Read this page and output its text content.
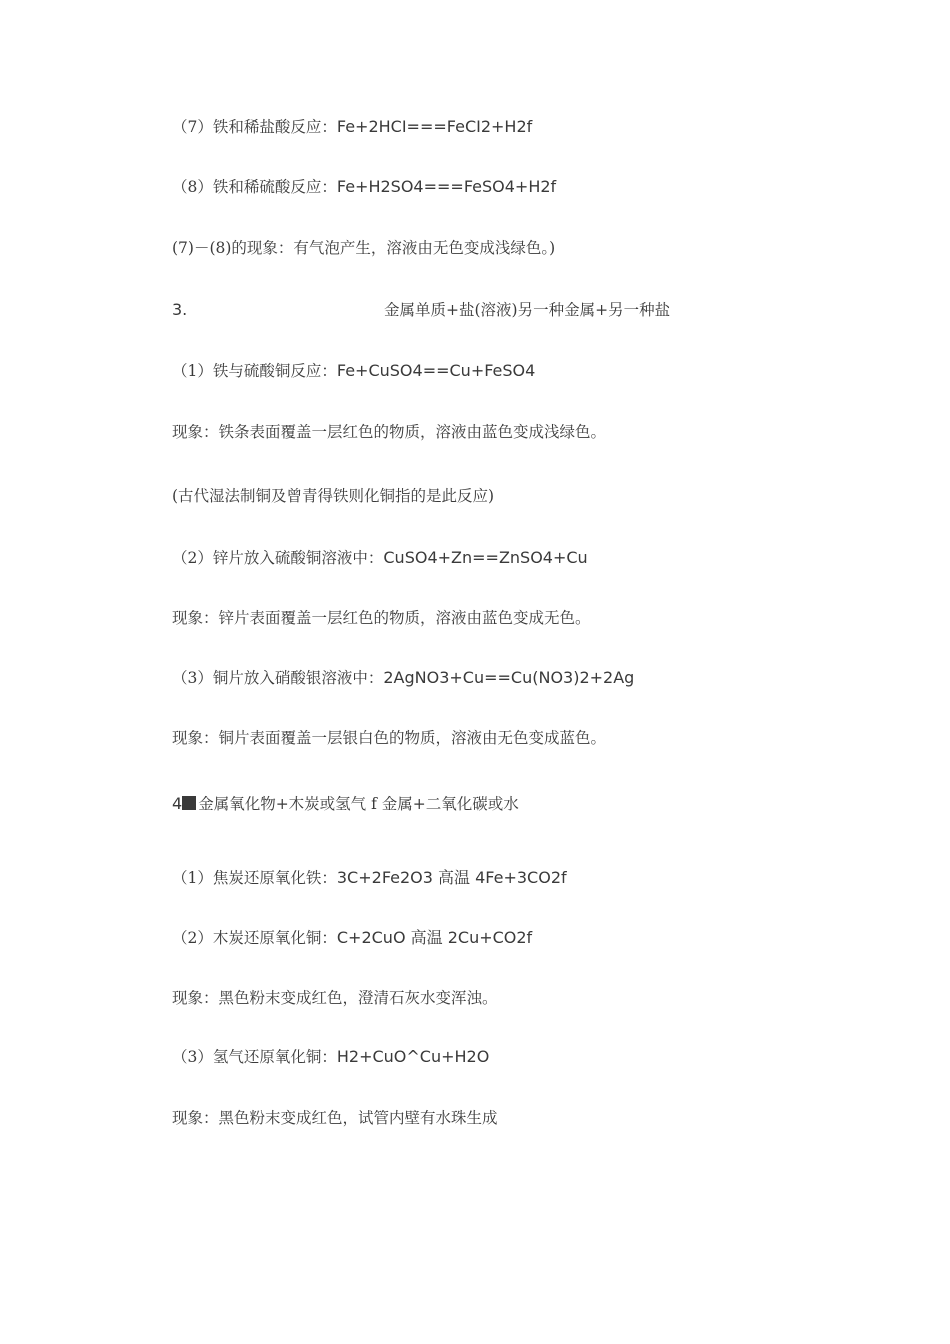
（7）铁和稀盐酸反应：Fe+2HCI===FeCI2+H2f
（8）铁和稀硫酸反应：Fe+H2SO4===FeSO4+H2f
(7)－(8)的现象：有气泡产生，溶液由无色变成浅绿色。)
3.	金属单质+盐(溶液)另一种金属+另一种盐
（1）铁与硫酸铜反应：Fe+CuSO4==Cu+FeSO4
现象：铁条表面覆盖一层红色的物质，溶液由蓝色变成浅绿色。
(古代湿法制铜及曾青得铁则化铜指的是此反应)
（2）锌片放入硫酸铜溶液中：CuSO4+Zn==ZnSO4+Cu
现象：锌片表面覆盖一层红色的物质，溶液由蓝色变成无色。
（3）铜片放入硝酸银溶液中：2AgNO3+Cu==Cu(NO3)2+2Ag
现象：铜片表面覆盖一层银白色的物质，溶液由无色变成蓝色。
4 金属氧化物+木炭或氢气 f 金属+二氧化碳或水
（1）焦炭还原氧化铁：3C+2Fe2O3 高温 4Fe+3CO2f
（2）木炭还原氧化铜：C+2CuO 高温 2Cu+CO2f
现象：黑色粉末变成红色，澄清石灰水变浑浊。
（3）氢气还原氧化铜：H2+CuO^Cu+H2O
现象：黑色粉末变成红色，试管内壁有水珠生成
